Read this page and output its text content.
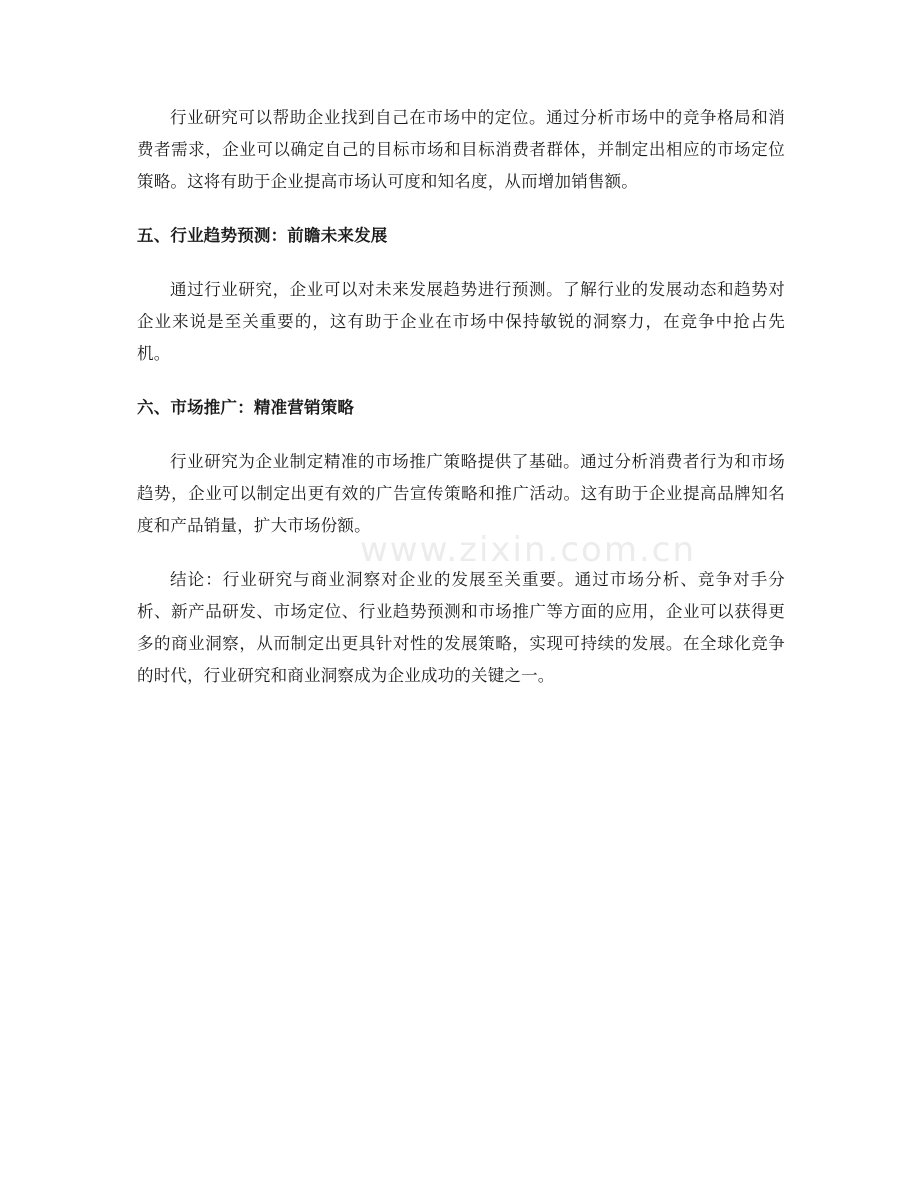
行业研究可以帮助企业找到自己在市场中的定位。通过分析市场中的竞争格局和消费者需求，企业可以确定自己的目标市场和目标消费者群体，并制定出相应的市场定位策略。这将有助于企业提高市场认可度和知名度，从而增加销售额。

五、行业趋势预测：前瞻未来发展

通过行业研究，企业可以对未来发展趋势进行预测。了解行业的发展动态和趋势对企业来说是至关重要的，这有助于企业在市场中保持敏锐的洞察力，在竞争中抢占先机。

六、市场推广：精准营销策略

行业研究为企业制定精准的市场推广策略提供了基础。通过分析消费者行为和市场趋势，企业可以制定出更有效的广告宣传策略和推广活动。这有助于企业提高品牌知名度和产品销量，扩大市场份额。

结论：行业研究与商业洞察对企业的发展至关重要。通过市场分析、竞争对手分析、新产品研发、市场定位、行业趋势预测和市场推广等方面的应用，企业可以获得更多的商业洞察，从而制定出更具针对性的发展策略，实现可持续的发展。在全球化竞争的时代，行业研究和商业洞察成为企业成功的关键之一。

www.zixin.com.cn
